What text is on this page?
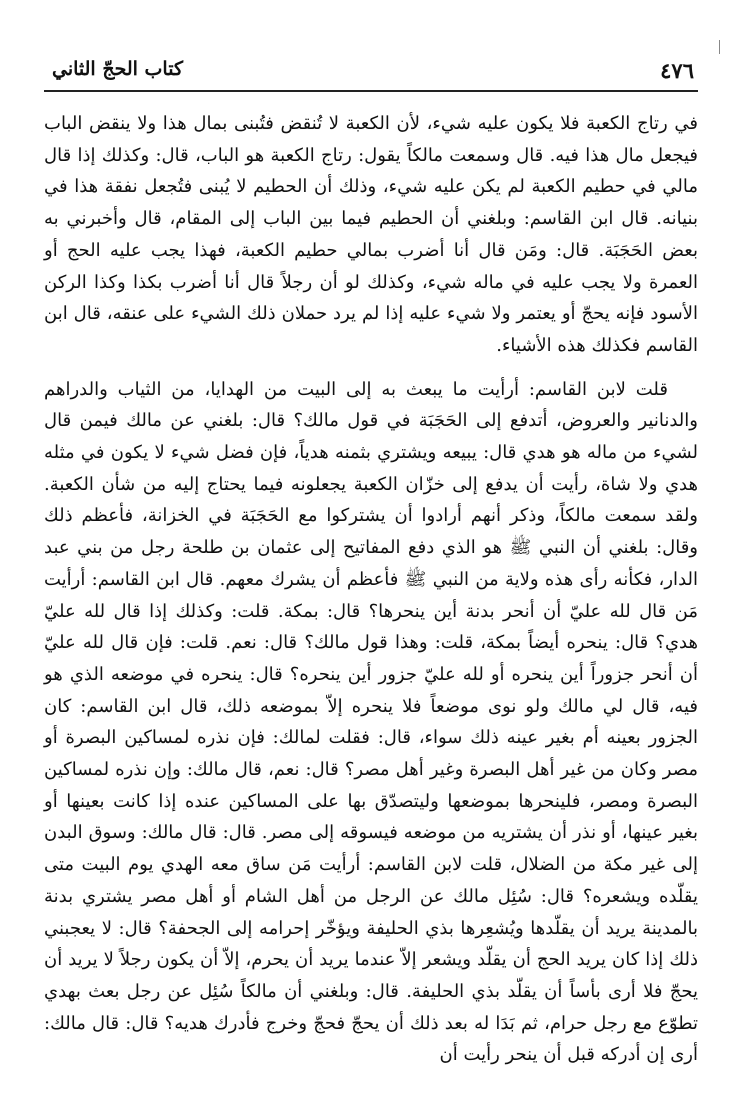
كتاب الحجّ الثاني	٤٧٦

في رتاج الكعبة فلا يكون عليه شيء، لأن الكعبة لا تُنقض فتُبنى بمال هذا ولا ينقض الباب فيجعل مال هذا فيه. قال وسمعت مالكاً يقول: رتاج الكعبة هو الباب، قال: وكذلك إذا قال مالي في حطيم الكعبة لم يكن عليه شيء، وذلك أن الحطيم لا يُبنى فتُجعل نفقة هذا في بنيانه. قال ابن القاسم: وبلغني أن الحطيم فيما بين الباب إلى المقام، قال وأخبرني به بعض الحَجَبَة. قال: ومَن قال أنا أضرب بمالي حطيم الكعبة، فهذا يجب عليه الحج أو العمرة ولا يجب عليه في ماله شيء، وكذلك لو أن رجلاً قال أنا أضرب بكذا وكذا الركن الأسود فإنه يحجّ أو يعتمر ولا شيء عليه إذا لم يرد حملان ذلك الشيء على عنقه، قال ابن القاسم فكذلك هذه الأشياء.

قلت لابن القاسم: أرأيت ما يبعث به إلى البيت من الهدايا، من الثياب والدراهم والدنانير والعروض، أتدفع إلى الحَجَبَة في قول مالك؟ قال: بلغني عن مالك فيمن قال لشيء من ماله هو هدي قال: يبيعه ويشتري بثمنه هدياً، فإن فضل شيء لا يكون في مثله هدي ولا شاة، رأيت أن يدفع إلى خزّان الكعبة يجعلونه فيما يحتاج إليه من شأن الكعبة. ولقد سمعت مالكاً، وذكر أنهم أرادوا أن يشتركوا مع الحَجَبَة في الخزانة، فأعظم ذلك وقال: بلغني أن النبي ﷺ هو الذي دفع المفاتيح إلى عثمان بن طلحة رجل من بني عبد الدار، فكأنه رأى هذه ولاية من النبي ﷺ فأعظم أن يشرك معهم. قال ابن القاسم: أرأيت مَن قال لله عليّ أن أنحر بدنة أين ينحرها؟ قال: بمكة. قلت: وكذلك إذا قال لله عليّ هدي؟ قال: ينحره أيضاً بمكة، قلت: وهذا قول مالك؟ قال: نعم. قلت: فإن قال لله عليّ أن أنحر جزوراً أين ينحره أو لله عليّ جزور أين ينحره؟ قال: ينحره في موضعه الذي هو فيه، قال لي مالك ولو نوى موضعاً فلا ينحره إلاّ بموضعه ذلك، قال ابن القاسم: كان الجزور بعينه أم بغير عينه ذلك سواء، قال: فقلت لمالك: فإن نذره لمساكين البصرة أو مصر وكان من غير أهل البصرة وغير أهل مصر؟ قال: نعم، قال مالك: وإن نذره لمساكين البصرة ومصر، فلينحرها بموضعها وليتصدّق بها على المساكين عنده إذا كانت بعينها أو بغير عينها، أو نذر أن يشتريه من موضعه فيسوقه إلى مصر. قال: قال مالك: وسوق البدن إلى غير مكة من الضلال، قلت لابن القاسم: أرأيت مَن ساق معه الهدي يوم البيت متى يقلّده ويشعره؟ قال: سُئِل مالك عن الرجل من أهل الشام أو أهل مصر يشتري بدنة بالمدينة يريد أن يقلّدها ويُشعِرها بذي الحليفة ويؤخّر إحرامه إلى الجحفة؟ قال: لا يعجبني ذلك إذا كان يريد الحج أن يقلّد ويشعر إلاّ عندما يريد أن يحرم، إلاّ أن يكون رجلاً لا يريد أن يحجّ فلا أرى بأساً أن يقلّد بذي الحليفة. قال: وبلغني أن مالكاً سُئِل عن رجل بعث بهدي تطوّع مع رجل حرام، ثم بَدَا له بعد ذلك أن يحجّ فحجّ وخرج فأدرك هديه؟ قال: قال مالك: أرى إن أدركه قبل أن ينحر رأيت أن
